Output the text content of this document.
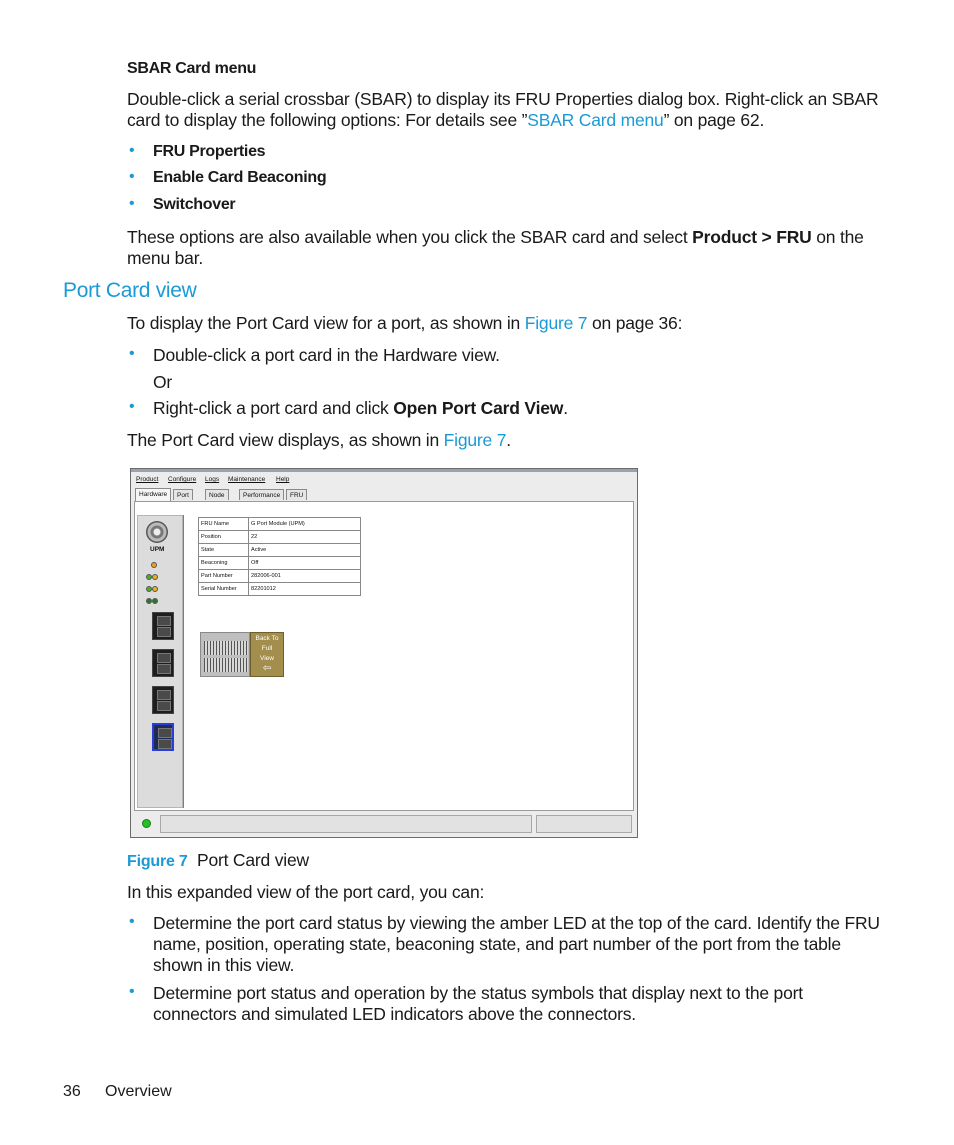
SBAR Card menu
Double-click a serial crossbar (SBAR) to display its FRU Properties dialog box. Right-click an SBAR
card to display the following options: For details see ”SBAR Card menu” on page 62.
• FRU Properties
• Enable Card Beaconing
• Switchover
These options are also available when you click the SBAR card and select Product > FRU on the
menu bar.
Port Card view
To display the Port Card view for a port, as shown in Figure 7 on page 36:
• Double-click a port card in the Hardware view.
Or
• Right-click a port card and click Open Port Card View.
The Port Card view displays, as shown in Figure 7.
Product Configure Logs Maintenance Help
Hardware	Port	Node	Performance	FRU
UPM
FRU Name	G Port Module (UPM)
Position	22
State	Active
Beaconing	Off
Part Number	282006-001
Serial Number	82201012
Back To
Full
View
⇦
Figure 7 Port Card view
In this expanded view of the port card, you can:
• Determine the port card status by viewing the amber LED at the top of the card. Identify the FRU
name, position, operating state, beaconing state, and part number of the port from the table
shown in this view.
• Determine port status and operation by the status symbols that display next to the port
connectors and simulated LED indicators above the connectors.
36 Overview
